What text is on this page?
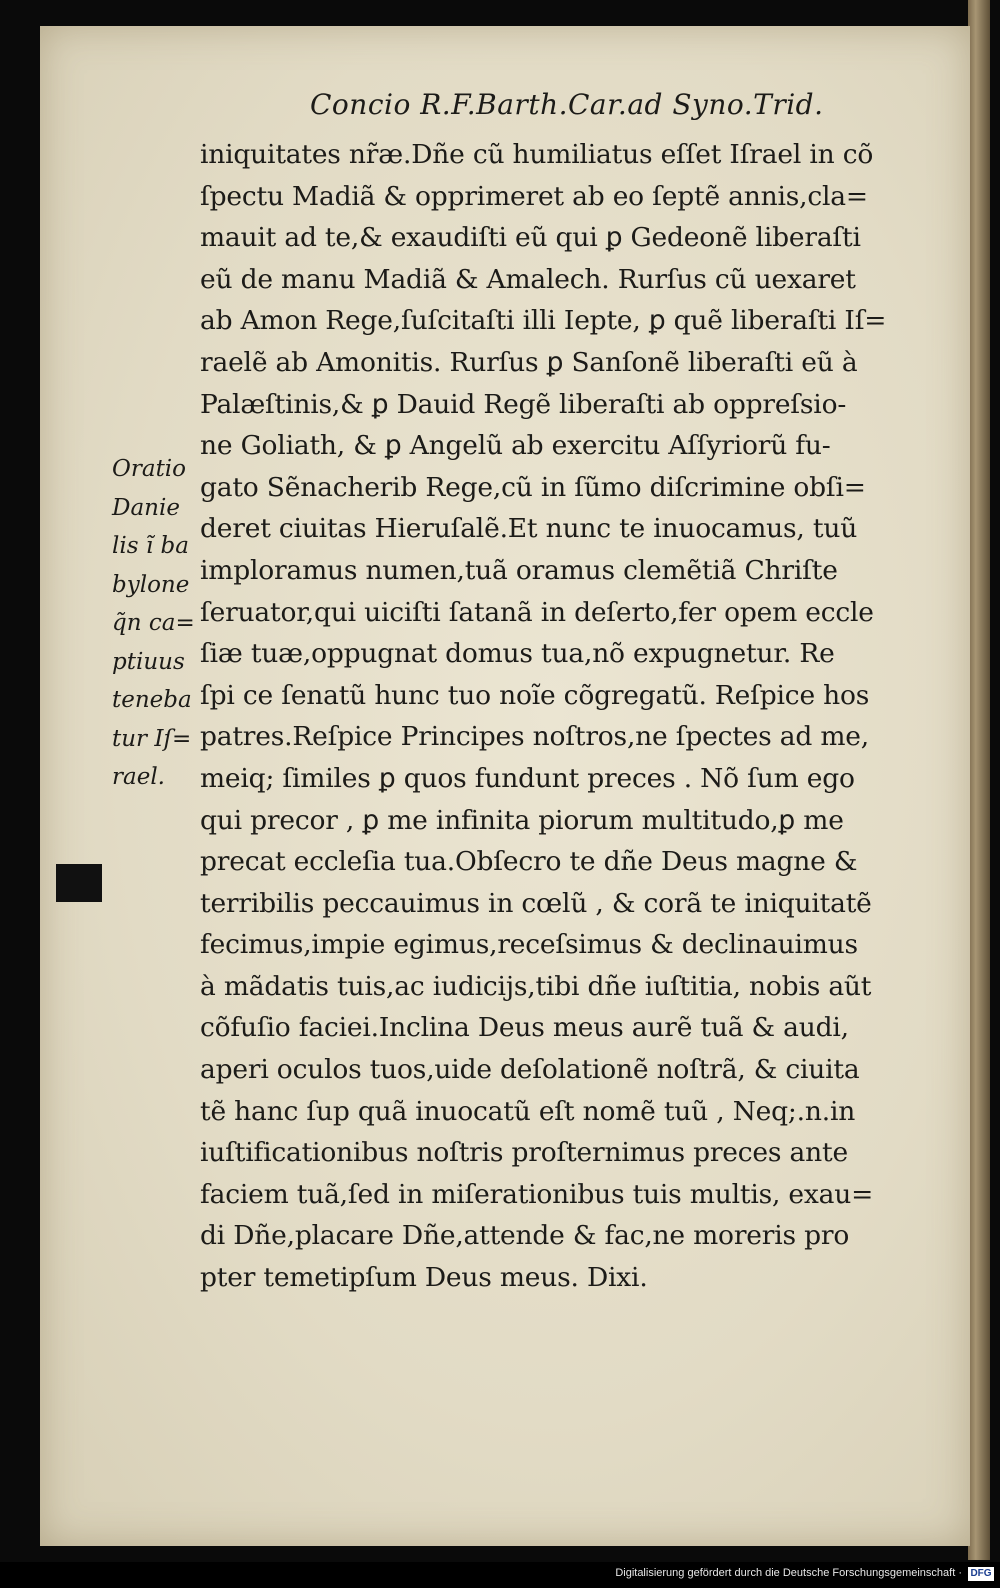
Concio R.F.Barth.Car.ad Syno.Trid.
iniquitates nr̃æ.Dñe cũ humiliatus eſſet Iſrael in cõ
ſpectu Madiã & opprimeret ab eo ſeptẽ annis,cla=
mauit ad te,& exaudiſti eũ qui ꝑ Gedeonẽ liberaſti
eũ de manu Madiã & Amalech. Rurſus cũ uexaret
ab Amon Rege,ſuſcitaſti illi Iepte, ꝑ quẽ liberaſti Iſ=
raelẽ ab Amonitis. Rurſus ꝑ Sanſonẽ liberaſti eũ à
Palæſtinis,& ꝑ Dauid Regẽ liberaſti ab oppreſsio-
ne Goliath, & ꝑ Angelũ ab exercitu Aſſyriorũ fu-
gato Sẽnacherib Rege,cũ in ſũmo diſcrimine obſi=
deret ciuitas Hieruſalẽ.Et nunc te inuocamus, tuũ
imploramus numen,tuã oramus clemẽtiã Chriſte
ſeruator,qui uiciſti ſatanã in deſerto,fer opem eccle
ſiæ tuæ,oppugnat domus tua,nõ expugnetur. Re
ſpi ce ſenatũ hunc tuo noĩe cõgregatũ. Reſpice hos
patres.Reſpice Principes noſtros,ne ſpectes ad me,
meiq; ſimiles ꝑ quos fundunt preces . Nõ ſum ego
qui precor , ꝑ me infinita piorum multitudo,ꝑ me
precat eccleſia tua.Obſecro te dñe Deus magne &
terribilis peccauimus in cœlũ , & corã te iniquitatẽ
fecimus,impie egimus,receſsimus & declinauimus
à mãdatis tuis,ac iudicijs,tibi dñe iuſtitia, nobis aũt
cõfuſio faciei.Inclina Deus meus aurẽ tuã & audi,
aperi oculos tuos,uide deſolationẽ noſtrã, & ciuita
tẽ hanc ſup quã inuocatũ eſt nomẽ tuũ , Neq;.n.in
iuſtificationibus noſtris proſternimus preces ante
faciem tuã,ſed in miſerationibus tuis multis, exau=
di Dñe,placare Dñe,attende & fac,ne moreris pro
pter temetipſum Deus meus. Dixi.
Oratio
Danie
lis ĩ ba
bylone
q̃n ca=
ptiuus
teneba
tur Iſ=
rael.
Digitalisierung gefördert durch die Deutsche Forschungsgemeinschaft · DFG
